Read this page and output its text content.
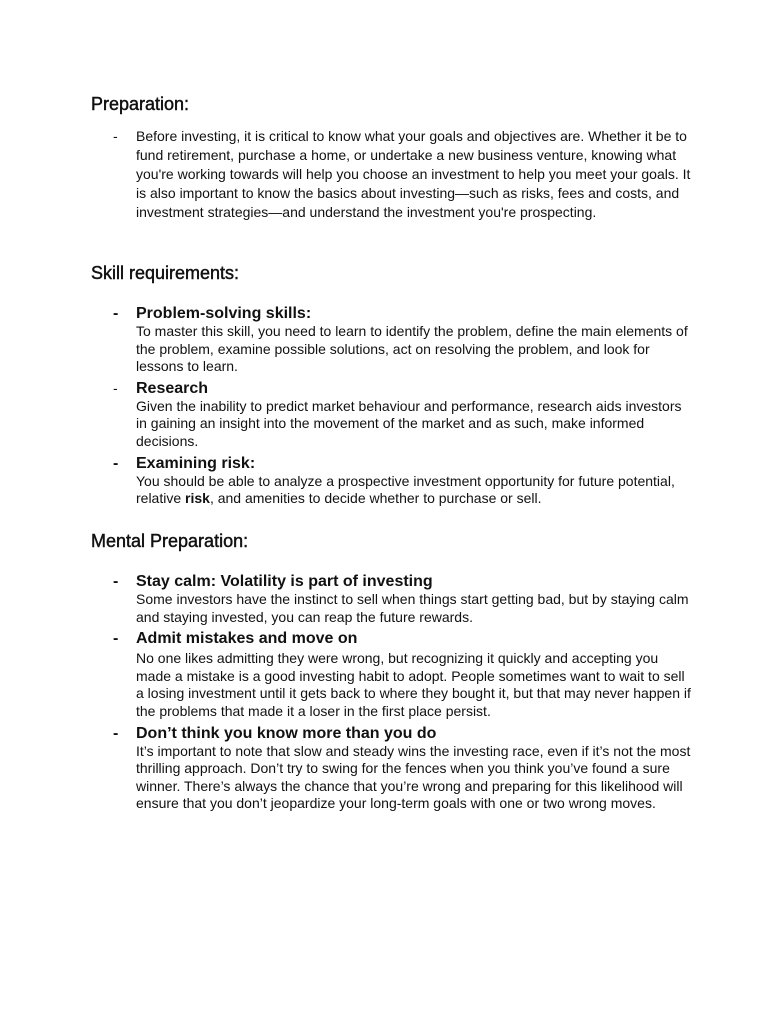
Preparation:
- Before investing, it is critical to know what your goals and objectives are. Whether it be to fund retirement, purchase a home, or undertake a new business venture, knowing what you're working towards will help you choose an investment to help you meet your goals. It is also important to know the basics about investing—such as risks, fees and costs, and investment strategies—and understand the investment you're prospecting.

Skill requirements:
- Problem-solving skills:

To master this skill, you need to learn to identify the problem, define the main elements of the problem, examine possible solutions, act on resolving the problem, and look for lessons to learn.

- Research

Given the inability to predict market behaviour and performance, research aids investors in gaining an insight into the movement of the market and as such, make informed decisions.

- Examining risk:

You should be able to analyze a prospective investment opportunity for future potential, relative risk, and amenities to decide whether to purchase or sell.

Mental Preparation:
- Stay calm: Volatility is part of investing

Some investors have the instinct to sell when things start getting bad, but by staying calm and staying invested, you can reap the future rewards.

- Admit mistakes and move on

No one likes admitting they were wrong, but recognizing it quickly and accepting you made a mistake is a good investing habit to adopt. People sometimes want to wait to sell a losing investment until it gets back to where they bought it, but that may never happen if the problems that made it a loser in the first place persist.

- Don’t think you know more than you do

It’s important to note that slow and steady wins the investing race, even if it’s not the most thrilling approach. Don’t try to swing for the fences when you think you’ve found a sure winner. There’s always the chance that you’re wrong and preparing for this likelihood will ensure that you don’t jeopardize your long-term goals with one or two wrong moves.
